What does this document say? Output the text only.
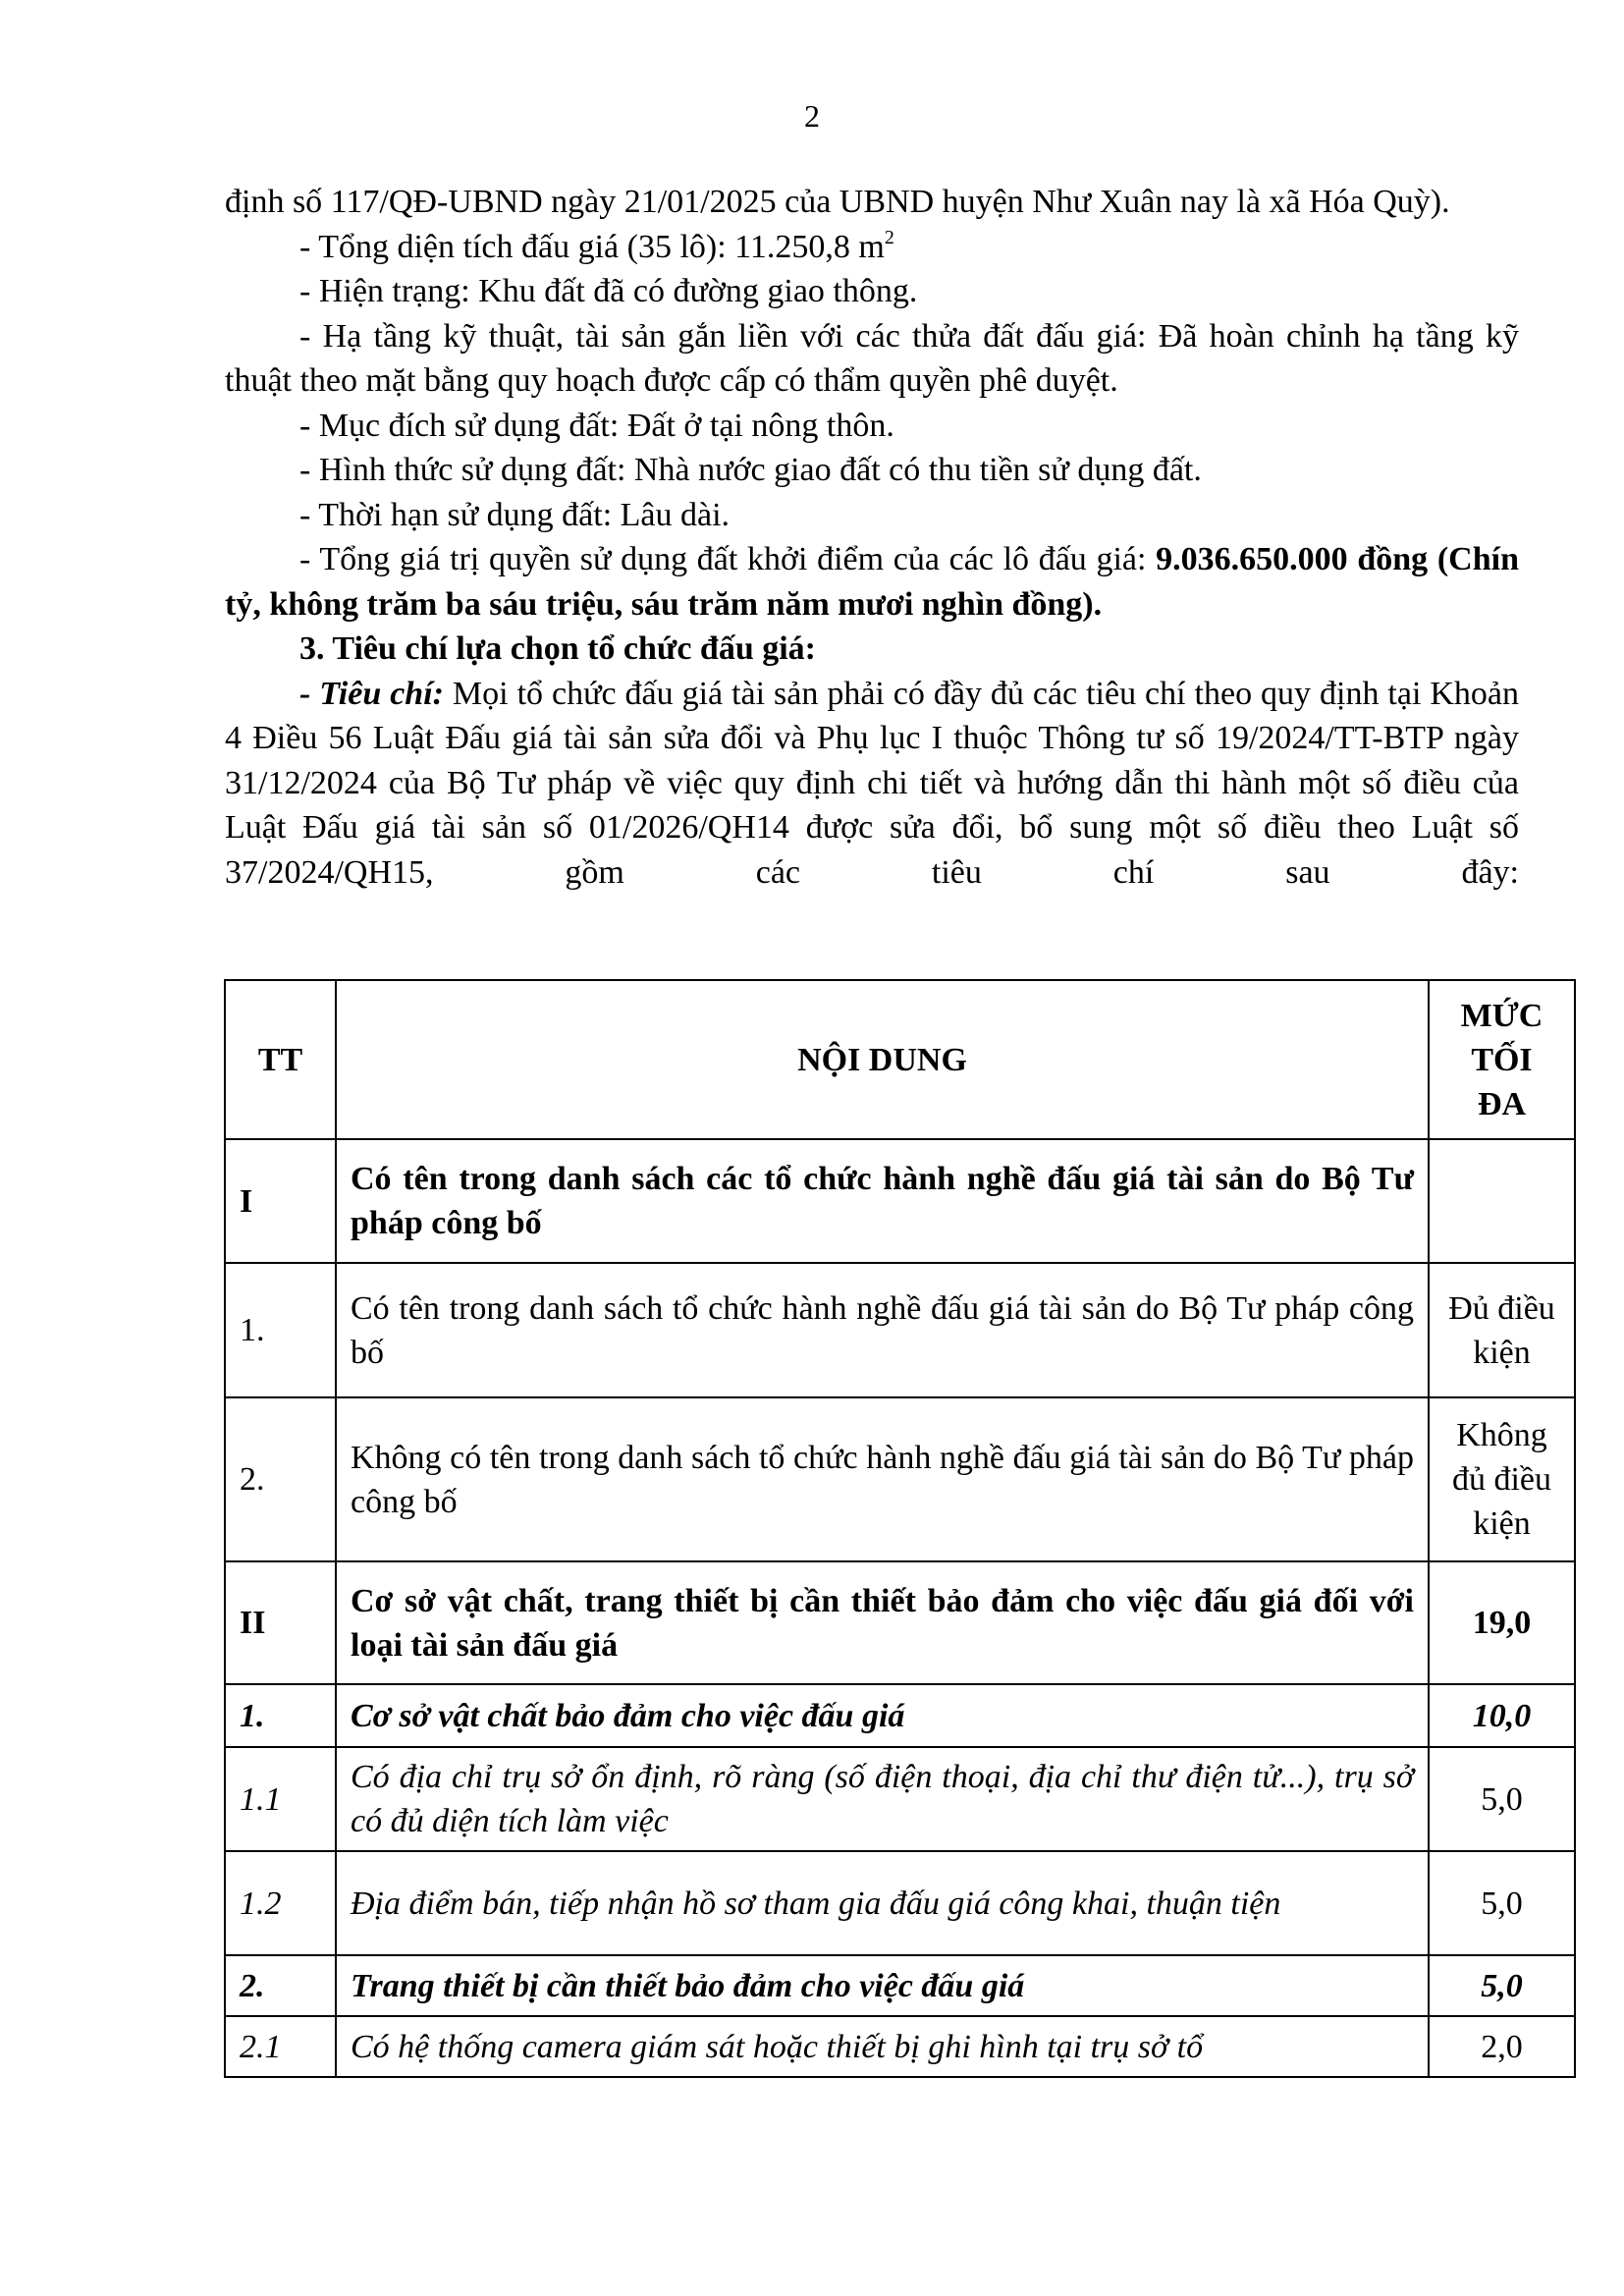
2

định số 117/QĐ-UBND ngày 21/01/2025 của UBND huyện Như Xuân nay là xã Hóa Quỳ).

- Tổng diện tích đấu giá (35 lô): 11.250,8 $m^2$

- Hiện trạng: Khu đất đã có đường giao thông.

- Hạ tầng kỹ thuật, tài sản gắn liền với các thửa đất đấu giá: Đã hoàn chỉnh hạ tầng kỹ thuật theo mặt bằng quy hoạch được cấp có thẩm quyền phê duyệt.

- Mục đích sử dụng đất: Đất ở tại nông thôn.

- Hình thức sử dụng đất: Nhà nước giao đất có thu tiền sử dụng đất.

- Thời hạn sử dụng đất: Lâu dài.

- Tổng giá trị quyền sử dụng đất khởi điểm của các lô đấu giá: 9.036.650.000 đồng (Chín tỷ, không trăm ba sáu triệu, sáu trăm năm mươi nghìn đồng).

3. Tiêu chí lựa chọn tổ chức đấu giá:

- Tiêu chí: Mọi tổ chức đấu giá tài sản phải có đầy đủ các tiêu chí theo quy định tại Khoản 4 Điều 56 Luật Đấu giá tài sản sửa đổi và Phụ lục I thuộc Thông tư số 19/2024/TT-BTP ngày 31/12/2024 của Bộ Tư pháp về việc quy định chi tiết và hướng dẫn thi hành một số điều của Luật Đấu giá tài sản số 01/2026/QH14 được sửa đổi, bổ sung một số điều theo Luật số 37/2024/QH15, gồm các tiêu chí sau đây:

TT	NỘI DUNG	MỨC
TỐI
ĐA
I	Có tên trong danh sách các tổ chức hành nghề đấu giá tài sản do Bộ Tư pháp công bố	
1.	Có tên trong danh sách tổ chức hành nghề đấu giá tài sản do Bộ Tư pháp công bố	Đủ điều
kiện
2.	Không có tên trong danh sách tổ chức hành nghề đấu giá tài sản do Bộ Tư pháp công bố	Không
đủ điều
kiện
II	Cơ sở vật chất, trang thiết bị cần thiết bảo đảm cho việc đấu giá đối với loại tài sản đấu giá	19,0
1.	Cơ sở vật chất bảo đảm cho việc đấu giá	10,0
1.1	Có địa chỉ trụ sở ổn định, rõ ràng (số điện thoại, địa chỉ thư điện tử...), trụ sở có đủ diện tích làm việc	5,0
1.2	Địa điểm bán, tiếp nhận hồ sơ tham gia đấu giá công khai, thuận tiện	5,0
2.	Trang thiết bị cần thiết bảo đảm cho việc đấu giá	5,0
2.1	Có hệ thống camera giám sát hoặc thiết bị ghi hình tại trụ sở tổ	2,0
